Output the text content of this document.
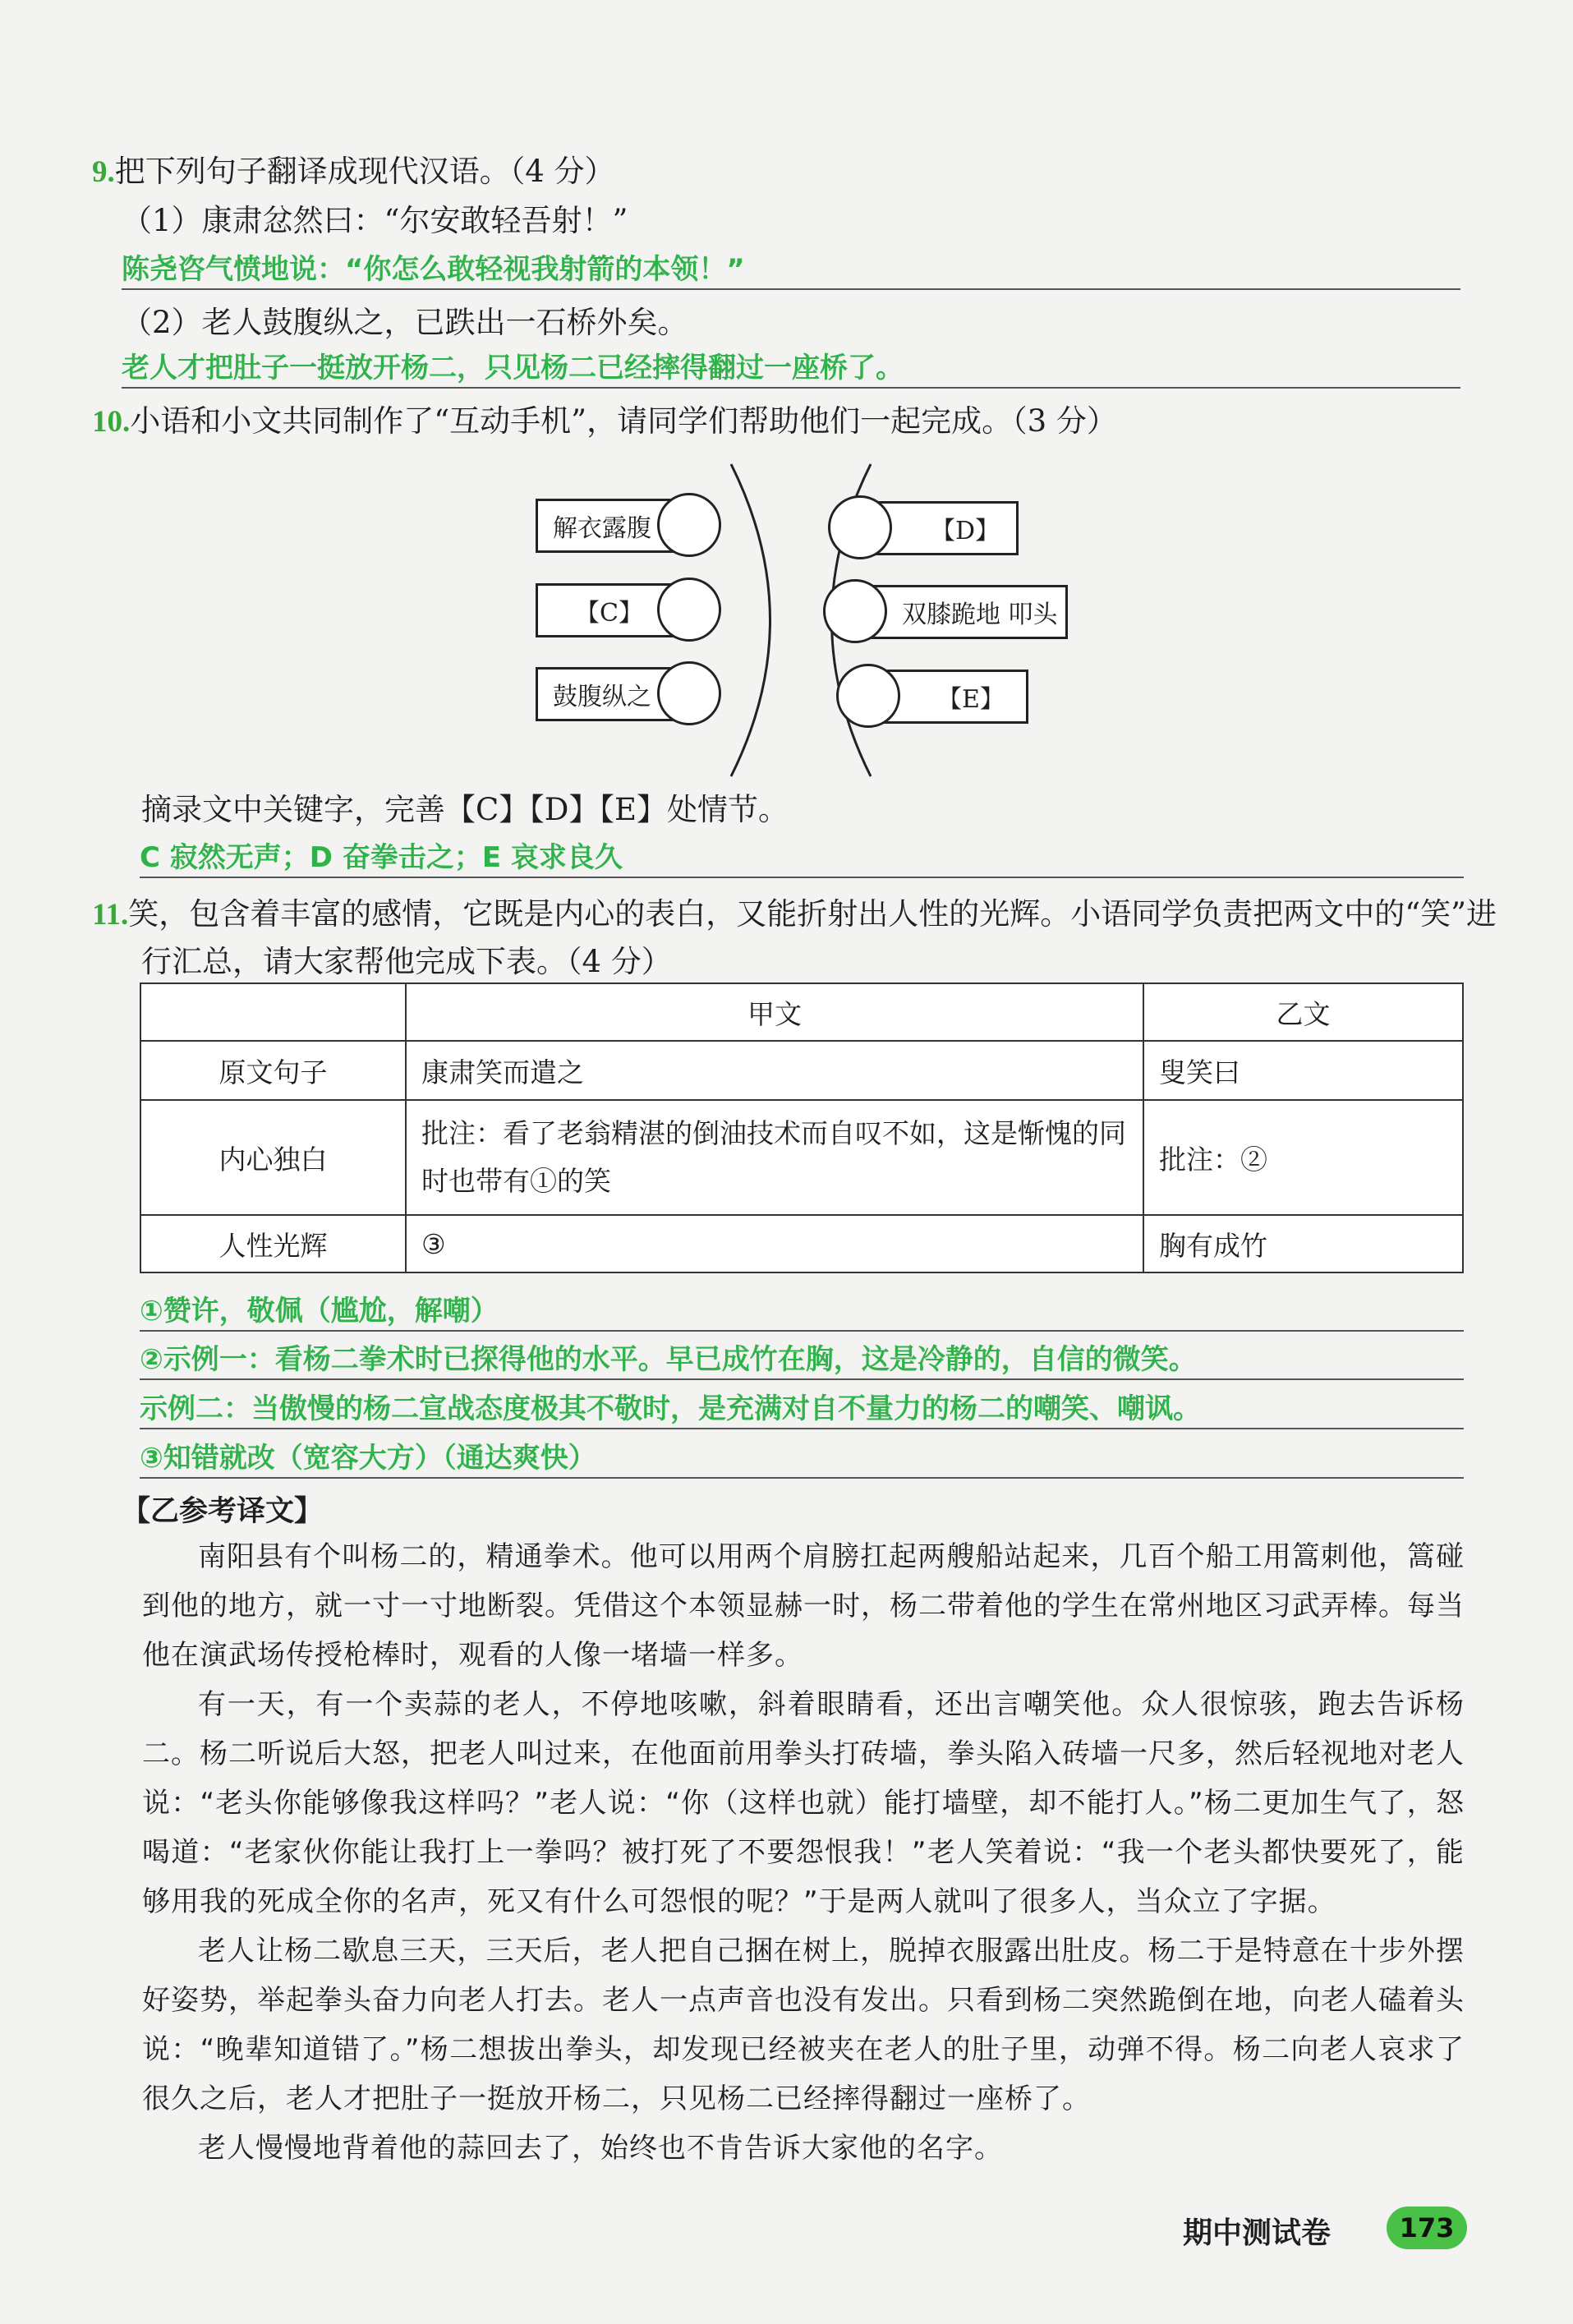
9.把下列句子翻译成现代汉语。（4 分）
（1）康肃忿然曰：“尔安敢轻吾射！”
陈尧咨气愤地说：“你怎么敢轻视我射箭的本领！”
（2）老人鼓腹纵之，已跌出一石桥外矣。
老人才把肚子一挺放开杨二，只见杨二已经摔得翻过一座桥了。
10.小语和小文共同制作了“互动手机”，请同学们帮助他们一起完成。（3 分）
解衣露腹
【C】
鼓腹纵之
【D】
双膝跪地 叩头
【E】
摘录文中关键字，完善【C】【D】【E】处情节。
C 寂然无声；D 奋拳击之；E 哀求良久
11.笑，包含着丰富的感情，它既是内心的表白，又能折射出人性的光辉。小语同学负责把两文中的“笑”进
行汇总，请大家帮他完成下表。（4 分）
	甲文	乙文
原文句子	康肃笑而遣之	叟笑曰
内心独白	批注：看了老翁精湛的倒油技术而自叹不如，这是惭愧的同时也带有①的笑	批注：②
人性光辉	③	胸有成竹
①赞许，敬佩（尴尬，解嘲）
②示例一：看杨二拳术时已探得他的水平。早已成竹在胸，这是冷静的，自信的微笑。
示例二：当傲慢的杨二宣战态度极其不敬时，是充满对自不量力的杨二的嘲笑、嘲讽。
③知错就改（宽容大方）（通达爽快）
【乙参考译文】
南阳县有个叫杨二的，精通拳术。他可以用两个肩膀扛起两艘船站起来，几百个船工用篙刺他，篙碰到他的地方，就一寸一寸地断裂。凭借这个本领显赫一时，杨二带着他的学生在常州地区习武弄棒。每当他在演武场传授枪棒时，观看的人像一堵墙一样多。
有一天，有一个卖蒜的老人，不停地咳嗽，斜着眼睛看，还出言嘲笑他。众人很惊骇，跑去告诉杨二。杨二听说后大怒，把老人叫过来，在他面前用拳头打砖墙，拳头陷入砖墙一尺多，然后轻视地对老人说：“老头你能够像我这样吗？”老人说：“你（这样也就）能打墙壁，却不能打人。”杨二更加生气了，怒喝道：“老家伙你能让我打上一拳吗？被打死了不要怨恨我！”老人笑着说：“我一个老头都快要死了，能够用我的死成全你的名声，死又有什么可怨恨的呢？”于是两人就叫了很多人，当众立了字据。
老人让杨二歇息三天，三天后，老人把自己捆在树上，脱掉衣服露出肚皮。杨二于是特意在十步外摆好姿势，举起拳头奋力向老人打去。老人一点声音也没有发出。只看到杨二突然跪倒在地，向老人磕着头说：“晚辈知道错了。”杨二想拔出拳头，却发现已经被夹在老人的肚子里，动弹不得。杨二向老人哀求了很久之后，老人才把肚子一挺放开杨二，只见杨二已经摔得翻过一座桥了。
老人慢慢地背着他的蒜回去了，始终也不肯告诉大家他的名字。
期中测试卷	173
